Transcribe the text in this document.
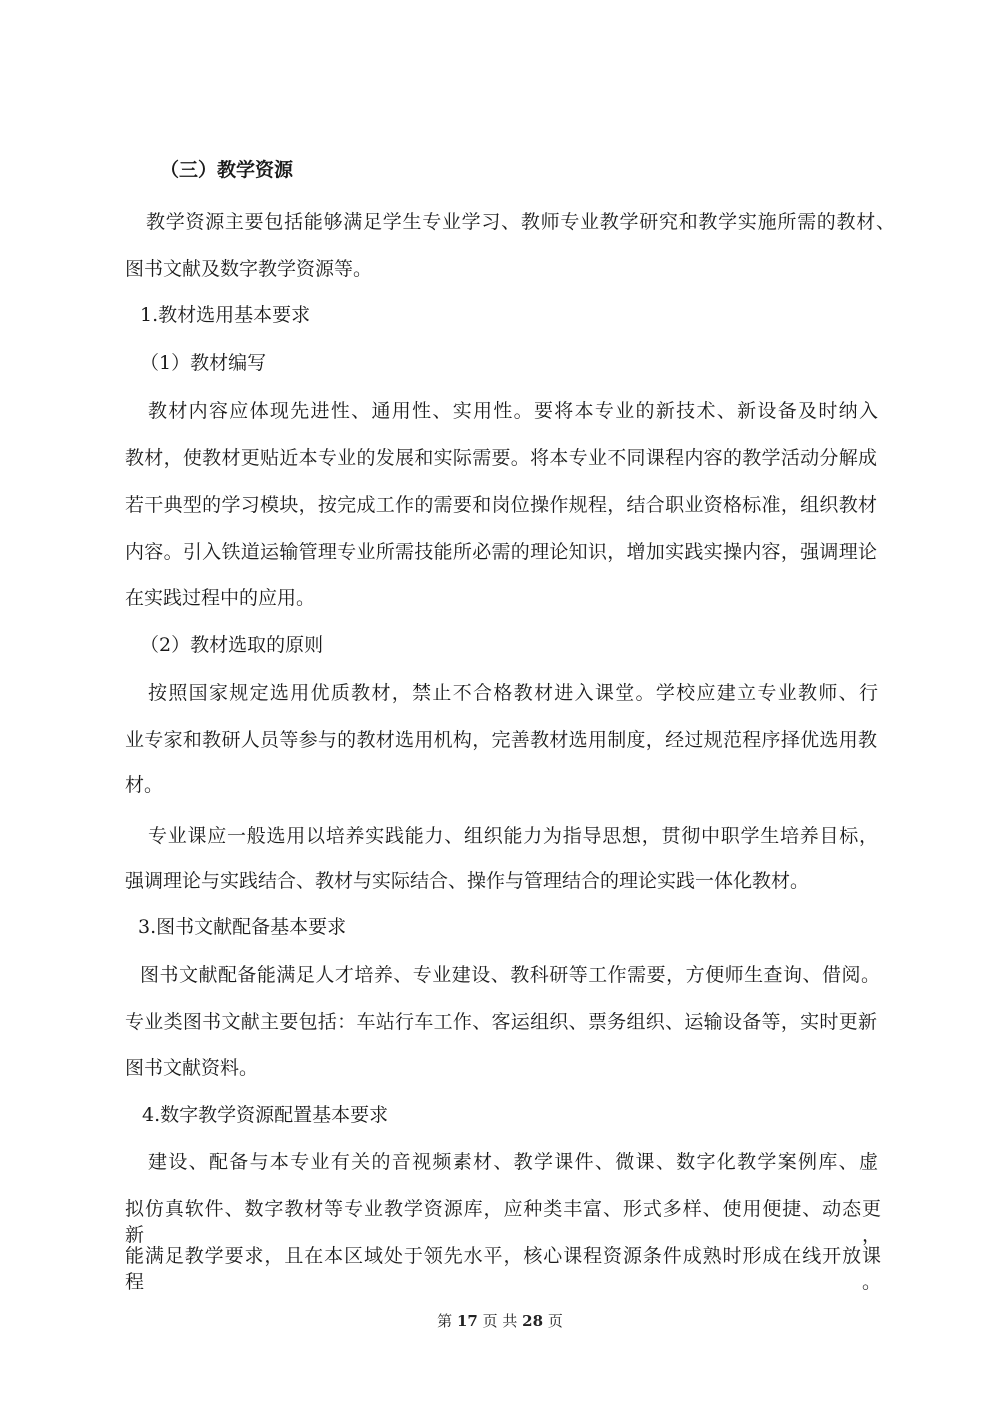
（三）教学资源
教学资源主要包括能够满足学生专业学习、教师专业教学研究和教学实施所需的教材、
图书文献及数字教学资源等。
1.教材选用基本要求
（1）教材编写
教材内容应体现先进性、通用性、实用性。要将本专业的新技术、新设备及时纳入
教材，使教材更贴近本专业的发展和实际需要。将本专业不同课程内容的教学活动分解成
若干典型的学习模块，按完成工作的需要和岗位操作规程，结合职业资格标准，组织教材
内容。引入铁道运输管理专业所需技能所必需的理论知识，增加实践实操内容，强调理论
在实践过程中的应用。
（2）教材选取的原则
按照国家规定选用优质教材，禁止不合格教材进入课堂。学校应建立专业教师、行
业专家和教研人员等参与的教材选用机构，完善教材选用制度，经过规范程序择优选用教
材。
专业课应一般选用以培养实践能力、组织能力为指导思想，贯彻中职学生培养目标，
强调理论与实践结合、教材与实际结合、操作与管理结合的理论实践一体化教材。
3.图书文献配备基本要求
图书文献配备能满足人才培养、专业建设、教科研等工作需要，方便师生查询、借阅。
专业类图书文献主要包括：车站行车工作、客运组织、票务组织、运输设备等，实时更新
图书文献资料。
4.数字教学资源配置基本要求
建设、配备与本专业有关的音视频素材、教学课件、微课、数字化教学案例库、虚
拟仿真软件、数字教材等专业教学资源库，应种类丰富、形式多样、使用便捷、动态更新，
能满足教学要求，且在本区域处于领先水平，核心课程资源条件成熟时形成在线开放课程。
第 17 页 共 28 页
